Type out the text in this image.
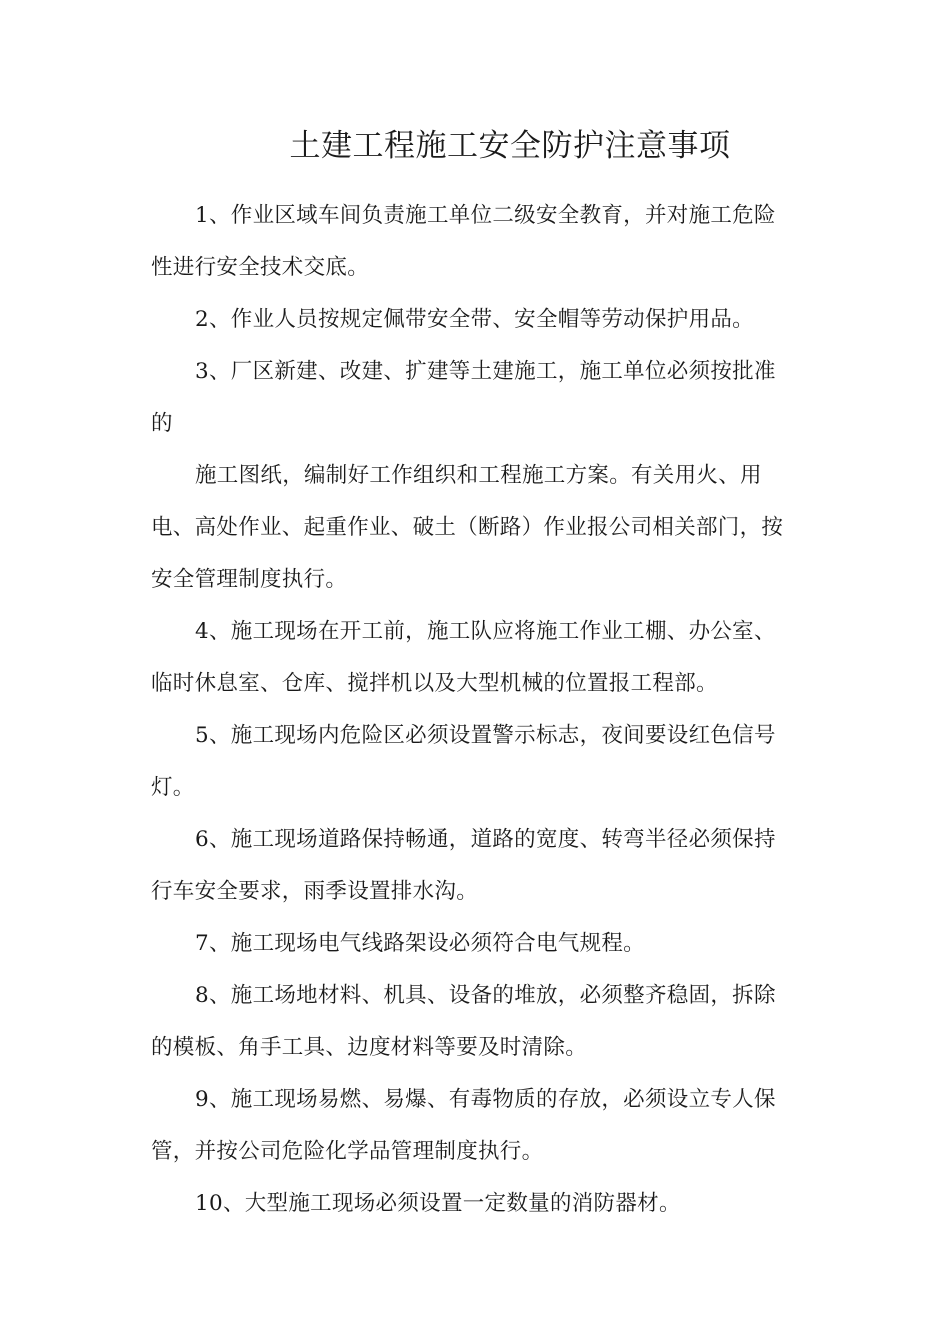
土建工程施工安全防护注意事项
1、作业区域车间负责施工单位二级安全教育，并对施工危险
性进行安全技术交底。
2、作业人员按规定佩带安全带、安全帽等劳动保护用品。
3、厂区新建、改建、扩建等土建施工，施工单位必须按批准
的
施工图纸，编制好工作组织和工程施工方案。有关用火、用
电、高处作业、起重作业、破土（断路）作业报公司相关部门，按
安全管理制度执行。
4、施工现场在开工前，施工队应将施工作业工棚、办公室、
临时休息室、仓库、搅拌机以及大型机械的位置报工程部。
5、施工现场内危险区必须设置警示标志，夜间要设红色信号
灯。
6、施工现场道路保持畅通，道路的宽度、转弯半径必须保持
行车安全要求，雨季设置排水沟。
7、施工现场电气线路架设必须符合电气规程。
8、施工场地材料、机具、设备的堆放，必须整齐稳固，拆除
的模板、角手工具、边度材料等要及时清除。
9、施工现场易燃、易爆、有毒物质的存放，必须设立专人保
管，并按公司危险化学品管理制度执行。
10、大型施工现场必须设置一定数量的消防器材。
